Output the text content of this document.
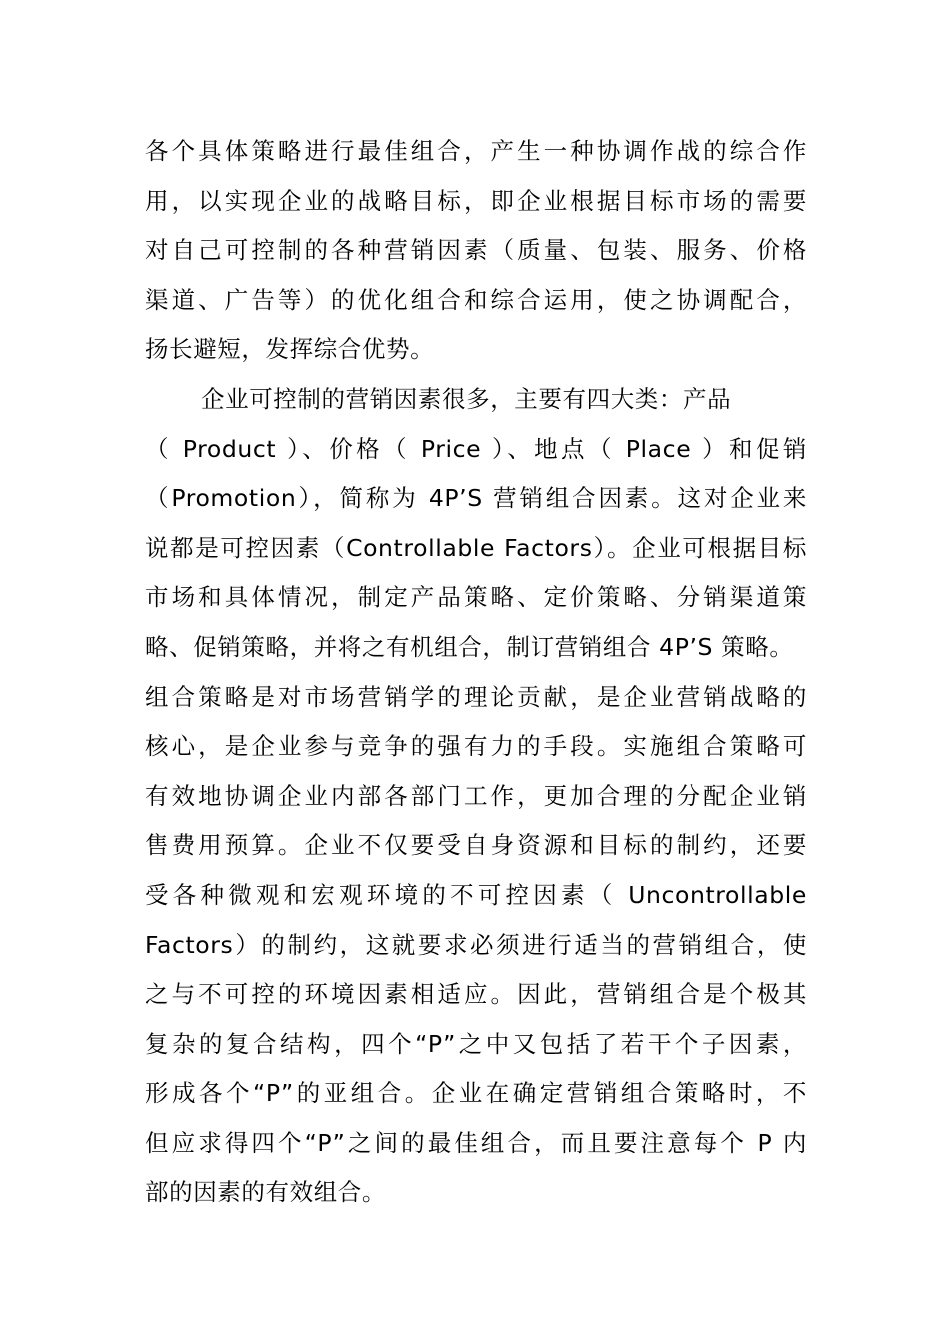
各个具体策略进行最佳组合，产生一种协调作战的综合作
用，以实现企业的战略目标，即企业根据目标市场的需要
对自己可控制的各种营销因素（质量、包装、服务、价格
渠道、广告等）的优化组合和综合运用，使之协调配合，
扬长避短，发挥综合优势。
企业可控制的营销因素很多，主要有四大类：产品
（ Product ）、价格（ Price ）、地点（ Place ）和促销
（Promotion），简称为 4P’S 营销组合因素。这对企业来
说都是可控因素（Controllable Factors）。企业可根据目标
市场和具体情况，制定产品策略、定价策略、分销渠道策
略、促销策略，并将之有机组合，制订营销组合 4P’S 策略。
组合策略是对市场营销学的理论贡献，是企业营销战略的
核心，是企业参与竞争的强有力的手段。实施组合策略可
有效地协调企业内部各部门工作，更加合理的分配企业销
售费用预算。企业不仅要受自身资源和目标的制约，还要
受各种微观和宏观环境的不可控因素（ Uncontrollable
Factors）的制约，这就要求必须进行适当的营销组合，使
之与不可控的环境因素相适应。因此，营销组合是个极其
复杂的复合结构，四个“P”之中又包括了若干个子因素，
形成各个“P”的亚组合。企业在确定营销组合策略时，不
但应求得四个“P”之间的最佳组合，而且要注意每个 P 内
部的因素的有效组合。
